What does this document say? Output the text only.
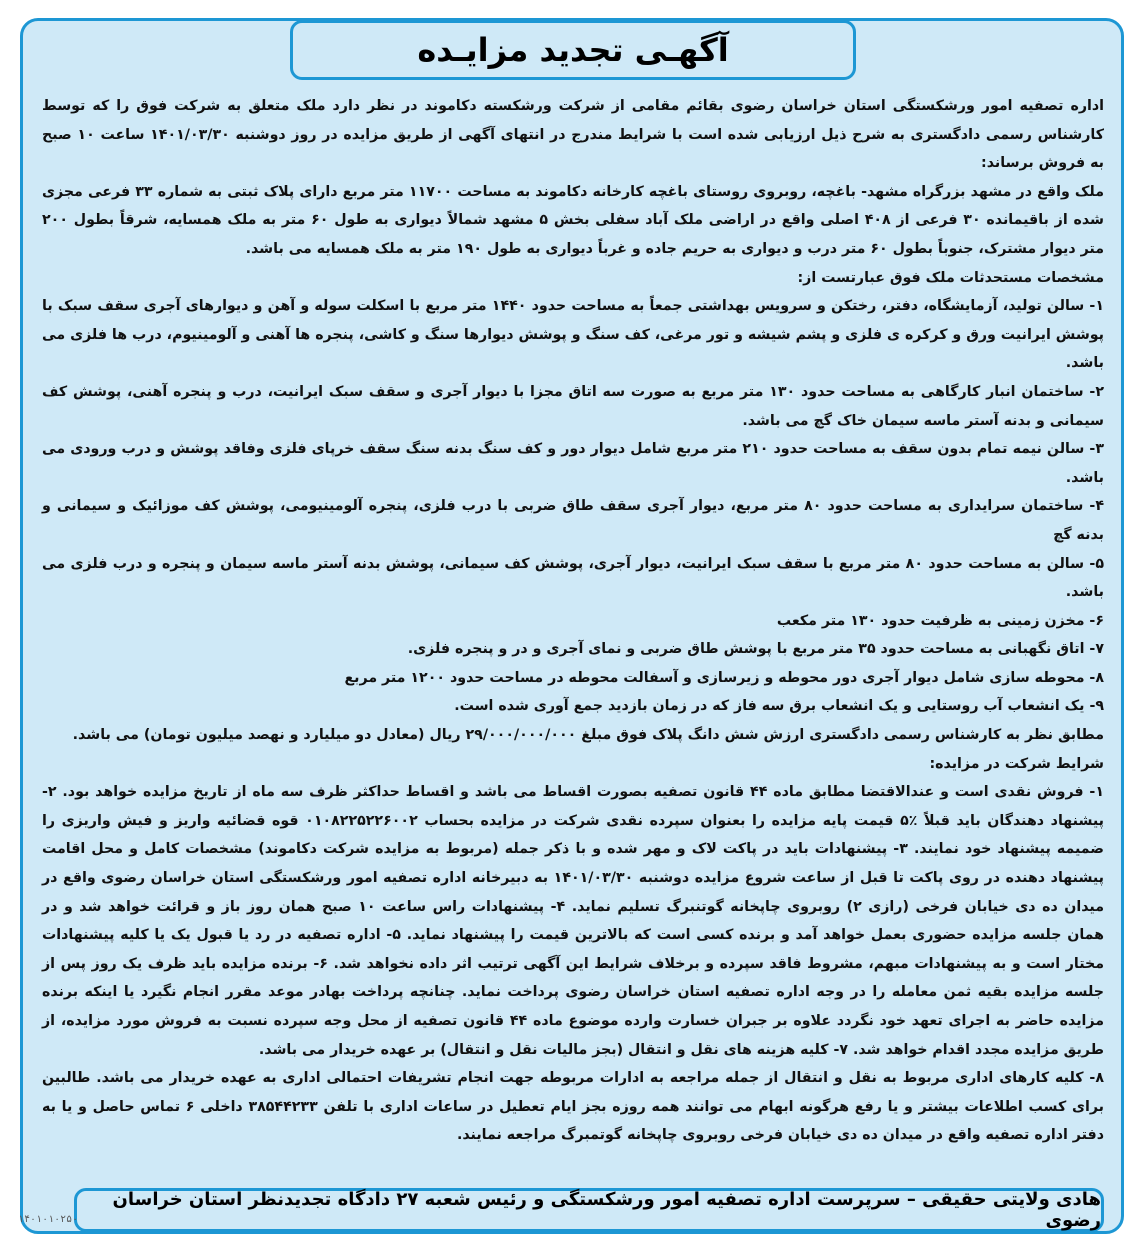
آگهـی تجدید مزایـده

اداره تصفیه امور ورشکستگی استان خراسان رضوی بقائم مقامی از شرکت ورشکسته دکاموند در نظر دارد ملک متعلق به شرکت فوق را که توسط کارشناس رسمی دادگستری به شرح ذیل ارزیابی شده است با شرایط مندرج در انتهای آگهی از طریق مزایده در روز دوشنبه ۱۴۰۱/۰۳/۳۰ ساعت ۱۰ صبح به فروش برساند:

ملک واقع در مشهد بزرگراه مشهد- باغچه، روبروی روستای باغچه کارخانه دکاموند به مساحت ۱۱۷۰۰ متر مربع دارای پلاک ثبتی به شماره ۳۳ فرعی مجزی شده از باقیمانده ۳۰ فرعی از ۴۰۸ اصلی واقع در اراضی ملک آباد سفلی بخش ۵ مشهد شمالاً دیواری به طول ۶۰ متر به ملک همسایه، شرقاً بطول ۲۰۰ متر دیوار مشترک، جنوباً بطول ۶۰ متر درب و دیواری به حریم جاده و غرباً دیواری به طول ۱۹۰ متر به ملک همسایه می باشد.

مشخصات مستحدثات ملک فوق عبارتست از:

۱- سالن تولید، آزمایشگاه، دفتر، رختکن و سرویس بهداشتی جمعاً به مساحت حدود ۱۴۴۰ متر مربع با اسکلت سوله و آهن و دیوارهای آجری سقف سبک با پوشش ایرانیت ورق و کرکره ی فلزی و پشم شیشه و تور مرغی، کف سنگ و پوشش دیوارها سنگ و کاشی، پنجره ها آهنی و آلومینیوم، درب ها فلزی می باشد.

۲- ساختمان انبار کارگاهی به مساحت حدود ۱۳۰ متر مربع به صورت سه اتاق مجزا با دیوار آجری و سقف سبک ایرانیت، درب و پنجره آهنی، پوشش کف سیمانی و بدنه آستر ماسه سیمان خاک گچ می باشد.

۳- سالن نیمه تمام بدون سقف به مساحت حدود ۲۱۰ متر مربع شامل دیوار دور و کف سنگ بدنه سنگ سقف خرپای فلزی وفاقد پوشش و درب ورودی می باشد.

۴- ساختمان سرایداری به مساحت حدود ۸۰ متر مربع، دیوار آجری سقف طاق ضربی با درب فلزی، پنجره آلومینیومی، پوشش کف موزائیک و سیمانی و بدنه گچ

۵- سالن به مساحت حدود ۸۰ متر مربع با سقف سبک ایرانیت، دیوار آجری، پوشش کف سیمانی، پوشش بدنه آستر ماسه سیمان و پنجره و درب فلزی می باشد.

۶- مخزن زمینی به ظرفیت حدود ۱۳۰ متر مکعب

۷- اتاق نگهبانی به مساحت حدود ۳۵ متر مربع با پوشش طاق ضربی و نمای آجری و در و پنجره فلزی.

۸- محوطه سازی شامل دیوار آجری دور محوطه و زیرسازی و آسفالت محوطه در مساحت حدود ۱۲۰۰ متر مربع

۹- یک انشعاب آب روستایی و یک انشعاب برق سه فاز که در زمان بازدید جمع آوری شده است.

مطابق نظر به کارشناس رسمی دادگستری ارزش شش دانگ پلاک فوق مبلغ ۲۹/۰۰۰/۰۰۰/۰۰۰ ریال (معادل دو میلیارد و نهصد میلیون تومان) می باشد.

شرایط شرکت در مزایده:

۱- فروش نقدی است و عندالاقتضا مطابق ماده ۴۴ قانون تصفیه بصورت اقساط می باشد و اقساط حداکثر ظرف سه ماه از تاریخ مزایده خواهد بود. ۲- پیشنهاد دهندگان باید قبلاً ٪۵ قیمت پایه مزایده را بعنوان سپرده نقدی شرکت در مزایده بحساب ۰۱۰۸۲۲۵۲۲۶۰۰۲ قوه قضائیه واریز و فیش واریزی را ضمیمه پیشنهاد خود نمایند. ۳- پیشنهادات باید در پاکت لاک و مهر شده و با ذکر جمله (مربوط به مزایده شرکت دکاموند) مشخصات کامل و محل اقامت پیشنهاد دهنده در روی پاکت تا قبل از ساعت شروع مزایده دوشنبه ۱۴۰۱/۰۳/۳۰ به دبیرخانه اداره تصفیه امور ورشکستگی استان خراسان رضوی واقع در میدان ده دی خیابان فرخی (رازی ۲) روبروی چاپخانه گوتنبرگ تسلیم نماید. ۴- پیشنهادات راس ساعت ۱۰ صبح همان روز باز و قرائت خواهد شد و در همان جلسه مزایده حضوری بعمل خواهد آمد و برنده کسی است که بالاترین قیمت را پیشنهاد نماید. ۵- اداره تصفیه در رد یا قبول یک یا کلیه پیشنهادات مختار است و به پیشنهادات مبهم، مشروط فاقد سپرده و برخلاف شرایط این آگهی ترتیب اثر داده نخواهد شد. ۶- برنده مزایده باید ظرف یک روز پس از جلسه مزایده بقیه ثمن معامله را در وجه اداره تصفیه استان خراسان رضوی پرداخت نماید. چنانچه پرداخت بهادر موعد مقرر انجام نگیرد یا اینکه برنده مزایده حاضر به اجرای تعهد خود نگردد علاوه بر جبران خسارت وارده موضوع ماده ۴۴ قانون تصفیه از محل وجه سپرده نسبت به فروش مورد مزایده، از طریق مزایده مجدد اقدام خواهد شد. ۷- کلیه هزینه های نقل و انتقال (بجز مالیات نقل و انتقال) بر عهده خریدار می باشد.

۸- کلیه کارهای اداری مربوط به نقل و انتقال از جمله مراجعه به ادارات مربوطه جهت انجام تشریفات احتمالی اداری به عهده خریدار می باشد. طالبین برای کسب اطلاعات بیشتر و یا رفع هرگونه ابهام می توانند همه روزه بجز ایام تعطیل در ساعات اداری با تلفن ۳۸۵۴۴۲۳۳ داخلی ۶ تماس حاصل و یا به دفتر اداره تصفیه واقع در میدان ده دی خیابان فرخی روبروی چاپخانه گوتمبرگ مراجعه نمایند.

هادی ولایتی حقیقی – سرپرست اداره تصفیه امور ورشکستگی و رئیس شعبه ۲۷ دادگاه تجدیدنظر استان خراسان رضوی
۱۴۰۱۰۱۰۲۵۰
